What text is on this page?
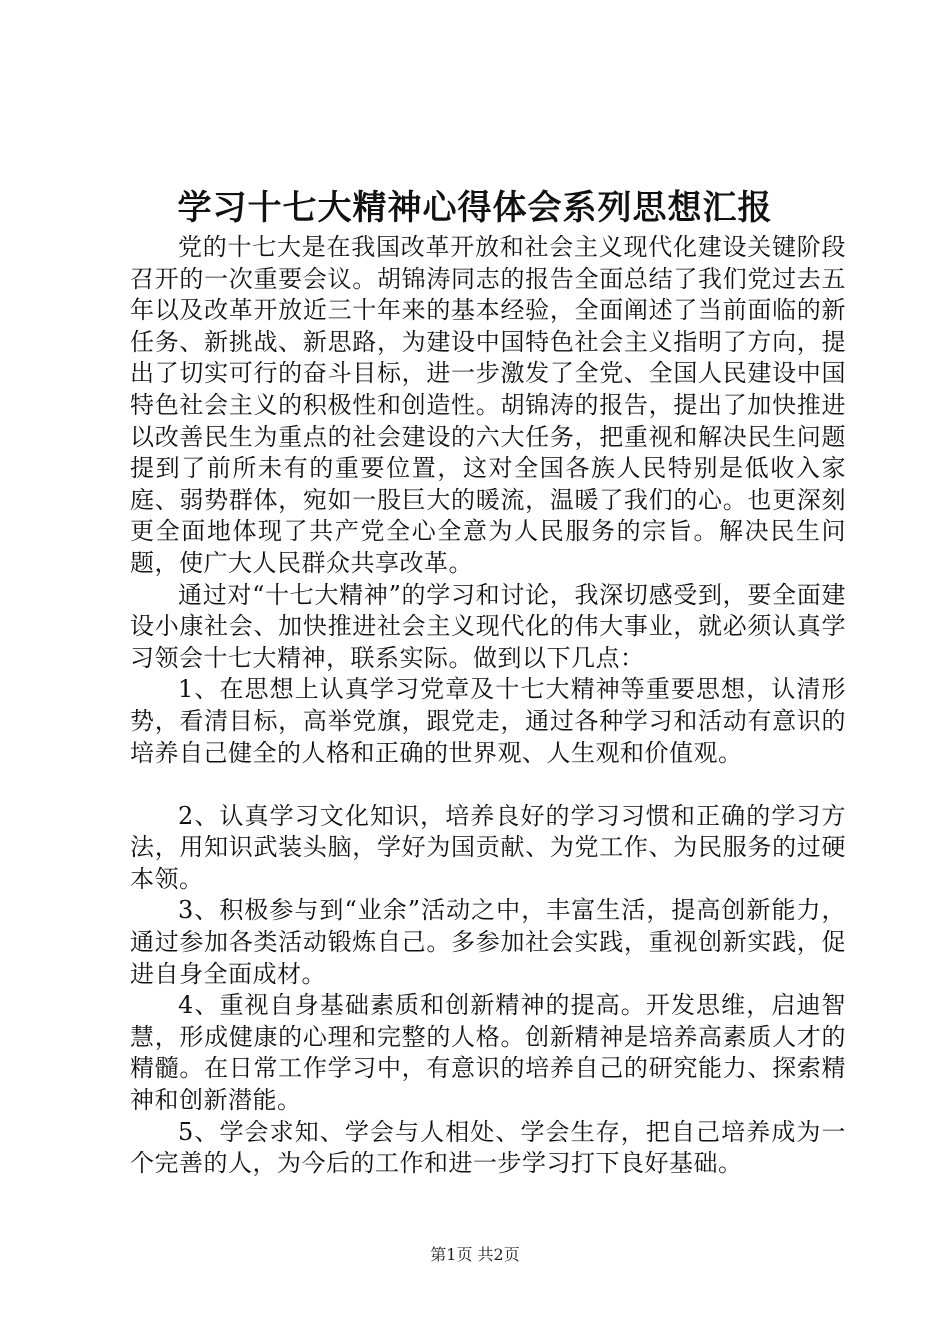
学习十七大精神心得体会系列思想汇报

党的十七大是在我国改革开放和社会主义现代化建设关键阶段召开的一次重要会议。胡锦涛同志的报告全面总结了我们党过去五年以及改革开放近三十年来的基本经验，全面阐述了当前面临的新任务、新挑战、新思路，为建设中国特色社会主义指明了方向，提出了切实可行的奋斗目标，进一步激发了全党、全国人民建设中国特色社会主义的积极性和创造性。胡锦涛的报告，提出了加快推进以改善民生为重点的社会建设的六大任务，把重视和解决民生问题提到了前所未有的重要位置，这对全国各族人民特别是低收入家庭、弱势群体，宛如一股巨大的暖流，温暖了我们的心。也更深刻更全面地体现了共产党全心全意为人民服务的宗旨。解决民生问题，使广大人民群众共享改革。

通过对“十七大精神”的学习和讨论，我深切感受到，要全面建设小康社会、加快推进社会主义现代化的伟大事业，就必须认真学习领会十七大精神，联系实际。做到以下几点：

1、在思想上认真学习党章及十七大精神等重要思想，认清形势，看清目标，高举党旗，跟党走，通过各种学习和活动有意识的培养自己健全的人格和正确的世界观、人生观和价值观。

2、认真学习文化知识，培养良好的学习习惯和正确的学习方法，用知识武装头脑，学好为国贡献、为党工作、为民服务的过硬本领。

3、积极参与到“业余”活动之中，丰富生活，提高创新能力，通过参加各类活动锻炼自己。多参加社会实践，重视创新实践，促进自身全面成材。

4、重视自身基础素质和创新精神的提高。开发思维，启迪智慧，形成健康的心理和完整的人格。创新精神是培养高素质人才的精髓。在日常工作学习中，有意识的培养自己的研究能力、探索精神和创新潜能。

5、学会求知、学会与人相处、学会生存，把自己培养成为一个完善的人，为今后的工作和进一步学习打下良好基础。

第1页 共2页
